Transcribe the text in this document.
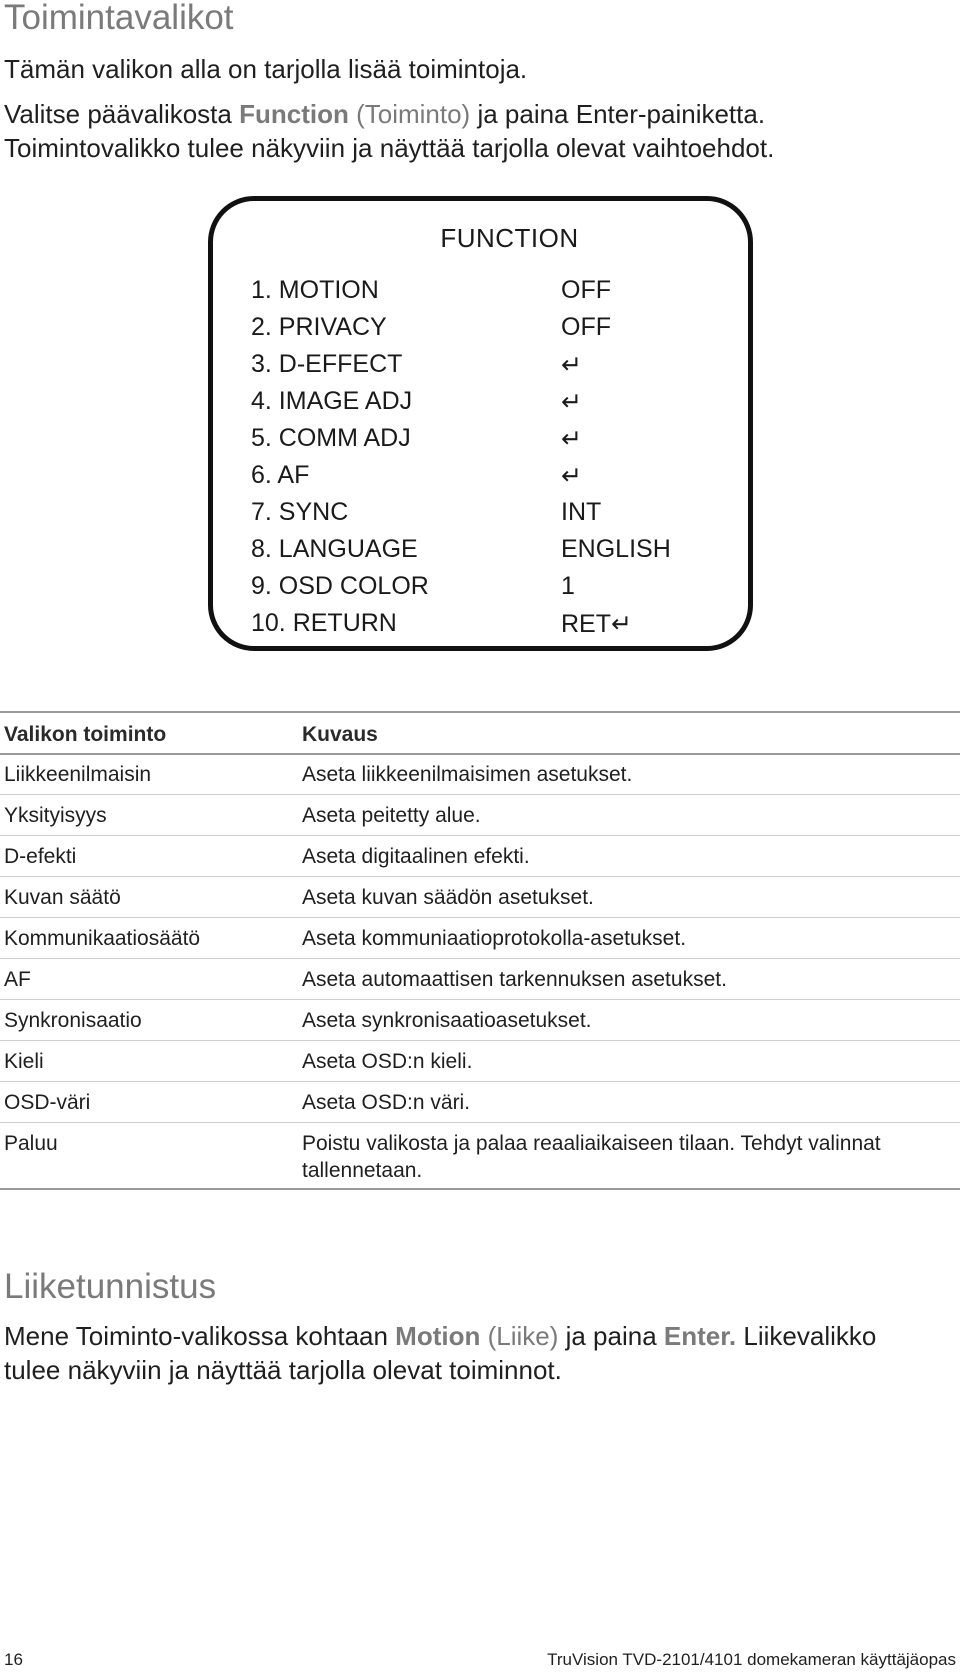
Toimintavalikot

Tämän valikon alla on tarjolla lisää toimintoja.

Valitse päävalikosta Function (Toiminto) ja paina Enter-painiketta.
Toimintovalikko tulee näkyviin ja näyttää tarjolla olevat vaihtoehdot.

FUNCTION
1. MOTION	OFF
2. PRIVACY	OFF
3. D-EFFECT	↵
4. IMAGE ADJ	↵
5. COMM ADJ	↵
6. AF	↵
7. SYNC	INT
8. LANGUAGE	ENGLISH
9. OSD COLOR	1
10. RETURN	RET↵
Valikon toiminto	Kuvaus
Liikkeenilmaisin	Aseta liikkeenilmaisimen asetukset.
Yksityisyys	Aseta peitetty alue.
D-efekti	Aseta digitaalinen efekti.
Kuvan säätö	Aseta kuvan säädön asetukset.
Kommunikaatiosäätö	Aseta kommuniaatioprotokolla-asetukset.
AF	Aseta automaattisen tarkennuksen asetukset.
Synkronisaatio	Aseta synkronisaatioasetukset.
Kieli	Aseta OSD:n kieli.
OSD-väri	Aseta OSD:n väri.
Paluu	Poistu valikosta ja palaa reaaliaikaiseen tilaan. Tehdyt valinnat tallennetaan.
Liiketunnistus

Mene Toiminto-valikossa kohtaan Motion (Liike) ja paina Enter. Liikevalikko
tulee näkyviin ja näyttää tarjolla olevat toiminnot.

16	TruVision TVD-2101/4101 domekameran käyttäjäopas
